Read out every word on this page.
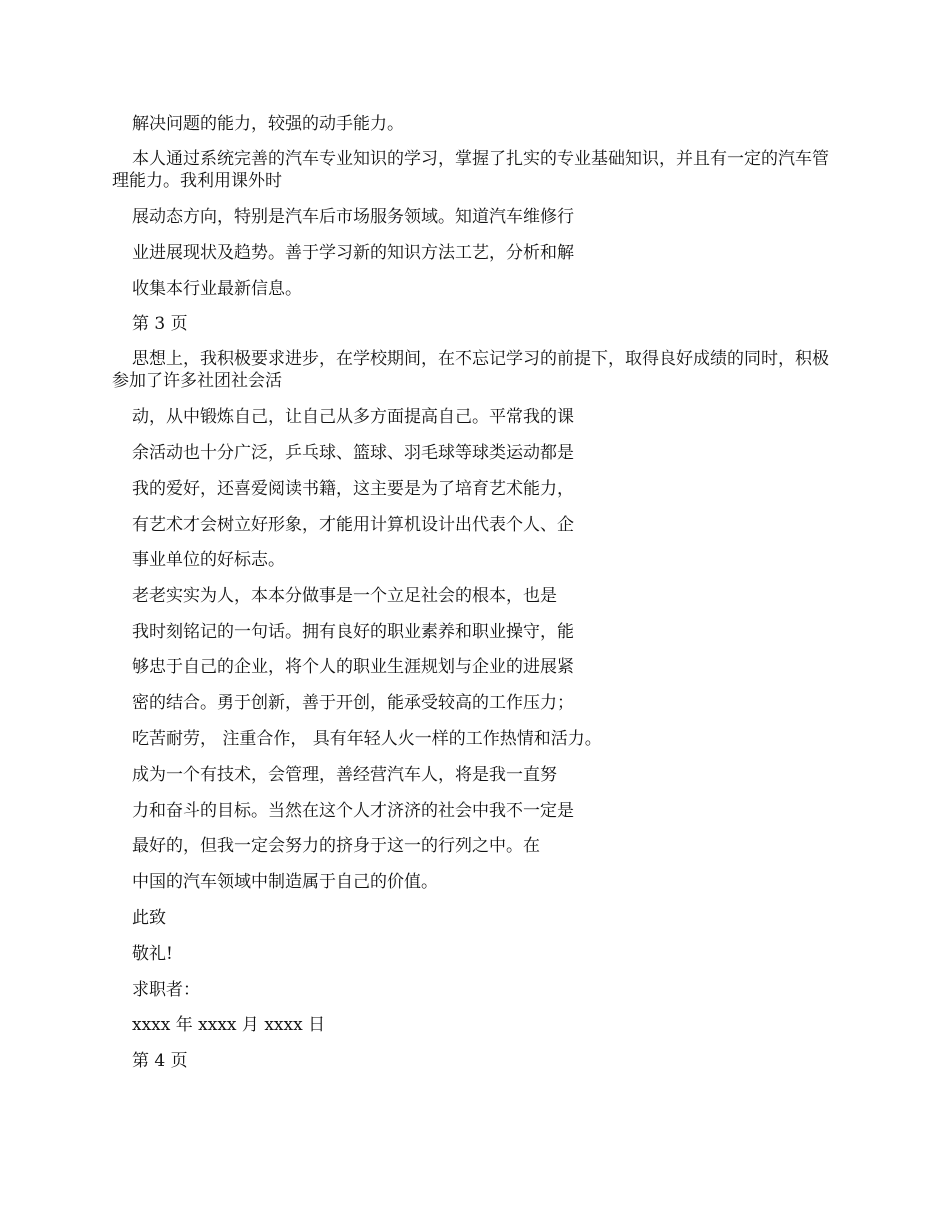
解决问题的能力，较强的动手能力。
本人通过系统完善的汽车专业知识的学习，掌握了扎实的专业基础知识，并且有一定的汽车管理能力。我利用课外时
展动态方向，特别是汽车后市场服务领域。知道汽车维修行
业进展现状及趋势。善于学习新的知识方法工艺，分析和解
收集本行业最新信息。
第 3 页
思想上，我积极要求进步，在学校期间，在不忘记学习的前提下，取得良好成绩的同时，积极参加了许多社团社会活
动，从中锻炼自己，让自己从多方面提高自己。平常我的课
余活动也十分广泛，乒乓球、篮球、羽毛球等球类运动都是
我的爱好，还喜爱阅读书籍，这主要是为了培育艺术能力，
有艺术才会树立好形象，才能用计算机设计出代表个人、企
事业单位的好标志。
老老实实为人，本本分做事是一个立足社会的根本，也是
我时刻铭记的一句话。拥有良好的职业素养和职业操守，能
够忠于自己的企业，将个人的职业生涯规划与企业的进展紧
密的结合。勇于创新，善于开创，能承受较高的工作压力；
吃苦耐劳， 注重合作， 具有年轻人火一样的工作热情和活力。
成为一个有技术，会管理，善经营汽车人，将是我一直努
力和奋斗的目标。当然在这个人才济济的社会中我不一定是
最好的，但我一定会努力的挤身于这一的行列之中。在
中国的汽车领域中制造属于自己的价值。
此致
敬礼!
求职者：
xxxx 年 xxxx 月 xxxx 日
第 4 页
